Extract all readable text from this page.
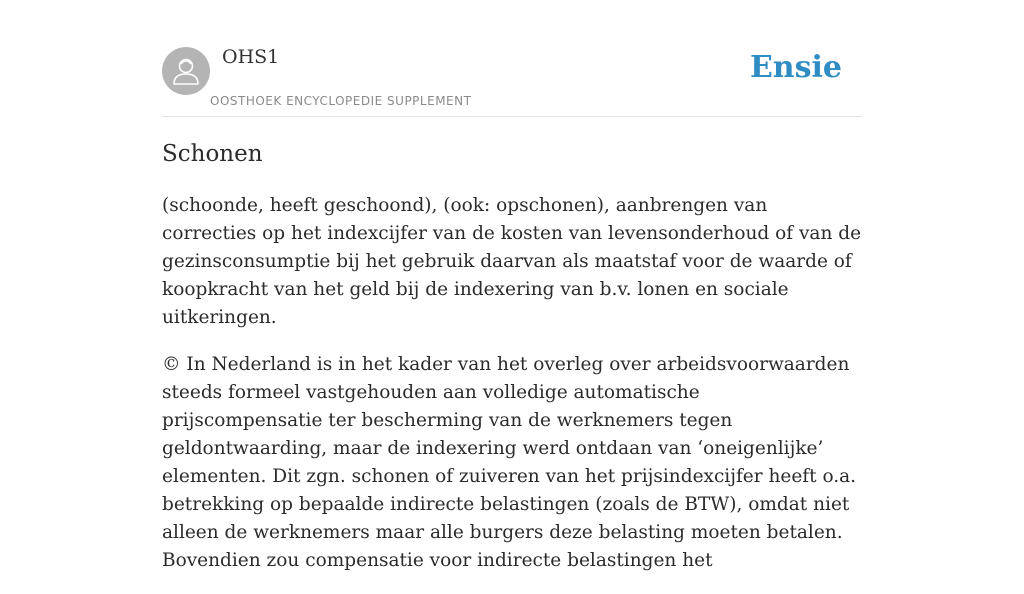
OHS1
OOSTHOEK ENCYCLOPEDIE SUPPLEMENT
Ensie
Schonen

(schoonde, heeft geschoond), (ook: opschonen), aanbrengen van correcties op het indexcijfer van de kosten van levensonderhoud of van de gezinsconsumptie bij het gebruik daarvan als maatstaf voor de waarde of koopkracht van het geld bij de indexering van b.v. lonen en sociale uitkeringen.

© In Nederland is in het kader van het overleg over arbeidsvoorwaarden steeds formeel vastgehouden aan volledige automatische prijscompensatie ter bescherming van de werknemers tegen geldontwaarding, maar de indexering werd ontdaan van ‘oneigenlijke’ elementen. Dit zgn. schonen of zuiveren van het prijsindexcijfer heeft o.a. betrekking op bepaalde indirecte belastingen (zoals de BTW), omdat niet alleen de werknemers maar alle burgers deze belasting moeten betalen. Bovendien zou compensatie voor indirecte belastingen het
